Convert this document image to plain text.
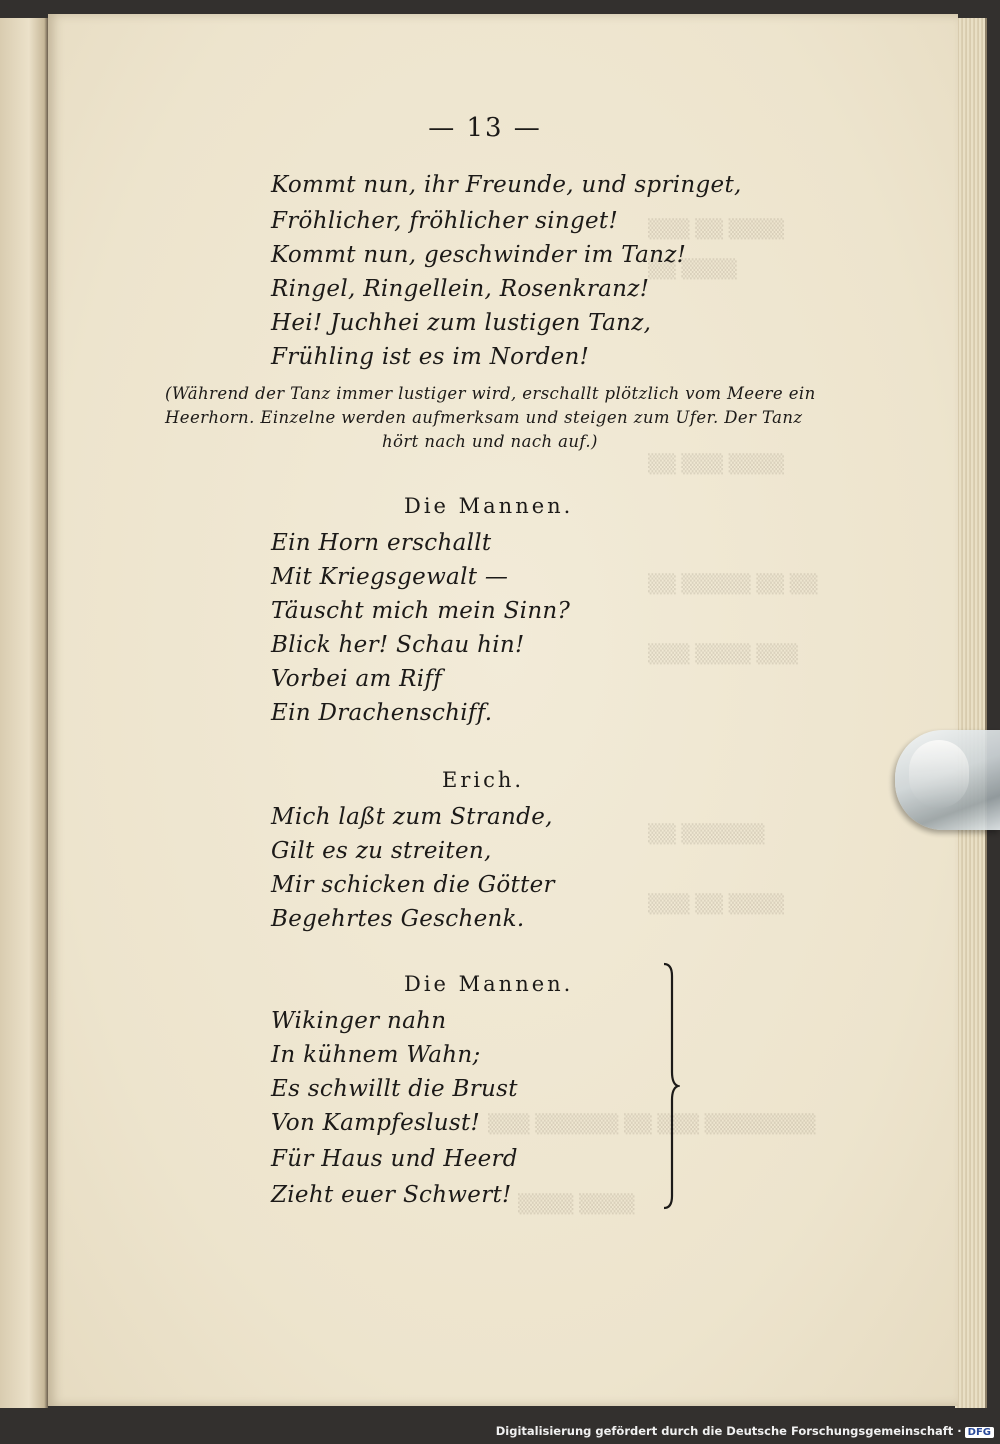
▒▒▒ ▒▒ ▒▒▒▒
▒▒ ▒▒▒▒
▒▒ ▒▒▒ ▒▒▒▒
▒▒ ▒▒▒▒▒ ▒▒ ▒▒
▒▒▒ ▒▒▒▒ ▒▒▒
▒▒ ▒▒▒▒▒▒
▒▒▒ ▒▒ ▒▒▒▒
▒▒▒ ▒▒▒▒▒▒ ▒▒ ▒▒▒ ▒▒▒▒▒▒▒▒
▒▒▒▒ ▒▒▒▒
— 13 —
Kommt nun, ihr Freunde, und springet,
Fröhlicher, fröhlicher singet!
Kommt nun, geschwinder im Tanz!
Ringel, Ringellein, Rosenkranz!
Hei! Juchhei zum lustigen Tanz,
Frühling ist es im Norden!
(Während der Tanz immer lustiger wird, erschallt plötzlich vom Meere ein
Heerhorn. Einzelne werden aufmerksam und steigen zum Ufer. Der Tanz
hört nach und nach auf.)
Die Mannen.
Ein Horn erschallt
Mit Kriegsgewalt —
Täuscht mich mein Sinn?
Blick her! Schau hin!
Vorbei am Riff
Ein Drachenschiff.
Erich.
Mich laßt zum Strande,
Gilt es zu streiten,
Mir schicken die Götter
Begehrtes Geschenk.
Die Mannen.
Wikinger nahn
In kühnem Wahn;
Es schwillt die Brust
Von Kampfeslust!
Für Haus und Heerd
Zieht euer Schwert!
Digitalisierung gefördert durch die Deutsche Forschungsgemeinschaft · DFG
